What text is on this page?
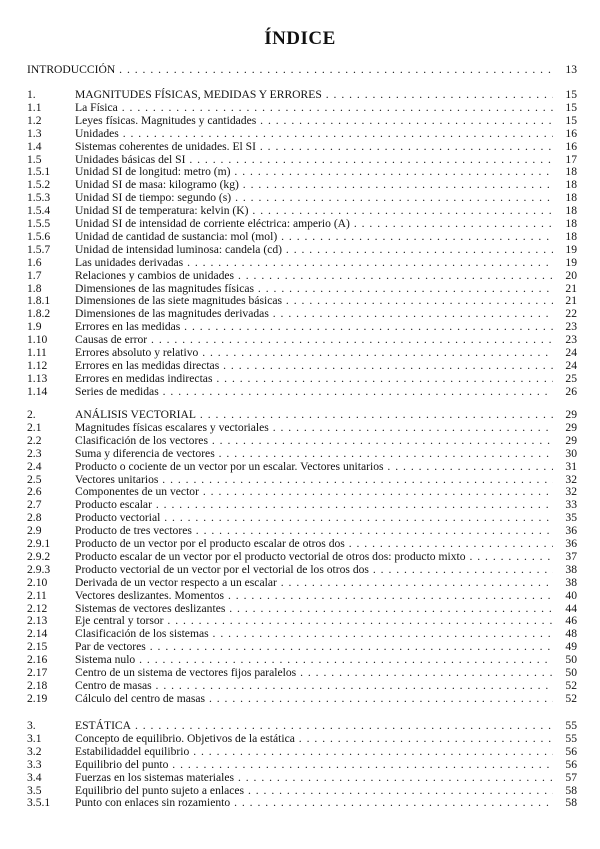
ÍNDICE
INTRODUCCIÓN . . .	13
1.	MAGNITUDES FÍSICAS, MEDIDAS Y ERRORES . . .	15
1.1	La Física . . .	15
1.2	Leyes físicas. Magnitudes y cantidades . . .	15
1.3	Unidades . . .	16
1.4	Sistemas coherentes de unidades. El SI . . .	16
1.5	Unidades básicas del SI . . .	17
1.5.1 Unidad SI de longitud: metro (m) . . .	18
1.5.2 Unidad SI de masa: kilogramo (kg) . . .	18
1.5.3 Unidad SI de tiempo: segundo (s) . . .	18
1.5.4 Unidad SI de temperatura: kelvin (K) . . .	18
1.5.5 Unidad SI de intensidad de corriente eléctrica: amperio (A) . . .	18
1.5.6 Unidad de cantidad de sustancia: mol (mol) . . .	18
1.5.7 Unidad de intensidad luminosa: candela (cd) . . .	19
1.6	Las unidades derivadas . . .	19
1.7	Relaciones y cambios de unidades . . .	20
1.8	Dimensiones de las magnitudes físicas . . .	21
1.8.1 Dimensiones de las siete magnitudes básicas . . .	21
1.8.2 Dimensiones de las magnitudes derivadas . . .	22
1.9	Errores en las medidas . . .	23
1.10 Causas de error . . .	23
1.11 Errores absoluto y relativo . . .	24
1.12 Errores en las medidas directas . . .	24
1.13 Errores en medidas indirectas . . .	25
1.14 Series de medidas . . .	26
2.	ANÁLISIS VECTORIAL . . .	29
2.1	Magnitudes físicas escalares y vectoriales . . .	29
2.2	Clasificación de los vectores . . .	29
2.3	Suma y diferencia de vectores . . .	30
2.4	Producto o cociente de un vector por un escalar. Vectores unitarios . . .	31
2.5	Vectores unitarios . . .	32
2.6	Componentes de un vector . . .	32
2.7	Producto escalar . . .	33
2.8	Producto vectorial . . .	35
2.9	Producto de tres vectores . . .	36
2.9.1 Producto de un vector por el producto escalar de otros dos . . .	36
2.9.2 Producto escalar de un vector por el producto vectorial de otros dos: producto mixto . . .	37
2.9.3 Producto vectorial de un vector por el vectorial de los otros dos . . .	38
2.10 Derivada de un vector respecto a un escalar . . .	38
2.11 Vectores deslizantes. Momentos . . .	40
2.12 Sistemas de vectores deslizantes . . .	44
2.13 Eje central y torsor . . .	46
2.14 Clasificación de los sistemas . . .	48
2.15 Par de vectores . . .	49
2.16 Sistema nulo . . .	50
2.17 Centro de un sistema de vectores fijos paralelos . . .	50
2.18 Centro de masas . . .	52
2.19 Cálculo del centro de masas . . .	52
3.	ESTÁTICA . . .	55
3.1	Concepto de equilibrio. Objetivos de la estática . . .	55
3.2	Estabilidaddel equilibrio . . .	56
3.3	Equilibrio del punto . . .	56
3.4	Fuerzas en los sistemas materiales . . .	57
3.5	Equilibrio del punto sujeto a enlaces . . .	58
3.5.1 Punto con enlaces sin rozamiento . . .	58
